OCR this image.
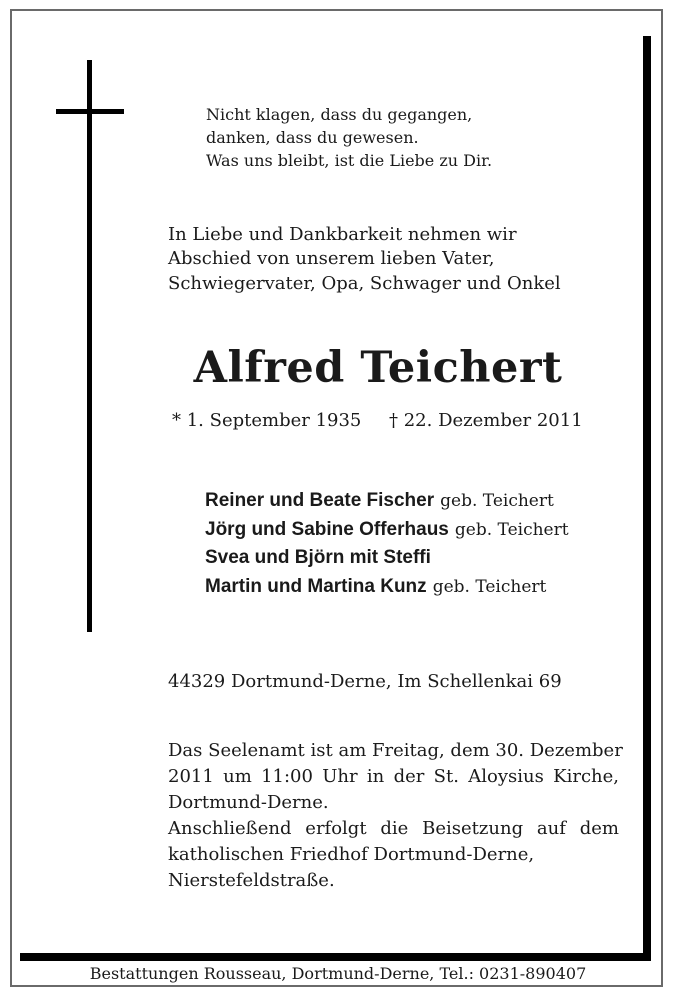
Nicht klagen, dass du gegangen,
danken, dass du gewesen.
Was uns bleibt, ist die Liebe zu Dir.
In Liebe und Dankbarkeit nehmen wir
Abschied von unserem lieben Vater,
Schwiegervater, Opa, Schwager und Onkel
Alfred Teichert
* 1. September 1935 † 22. Dezember 2011
Reiner und Beate Fischer geb. Teichert
Jörg und Sabine Offerhaus geb. Teichert
Svea und Björn mit Steffi
Martin und Martina Kunz geb. Teichert
44329 Dortmund-Derne, Im Schellenkai 69
Das Seelenamt ist am Freitag, dem 30. Dezember
2011 um 11:00 Uhr in der St. Aloysius Kirche,
Dortmund-Derne.
Anschließend erfolgt die Beisetzung auf dem
katholischen Friedhof Dortmund-Derne,
Nierstefeldstraße.
Bestattungen Rousseau, Dortmund-Derne, Tel.: 0231-890407
